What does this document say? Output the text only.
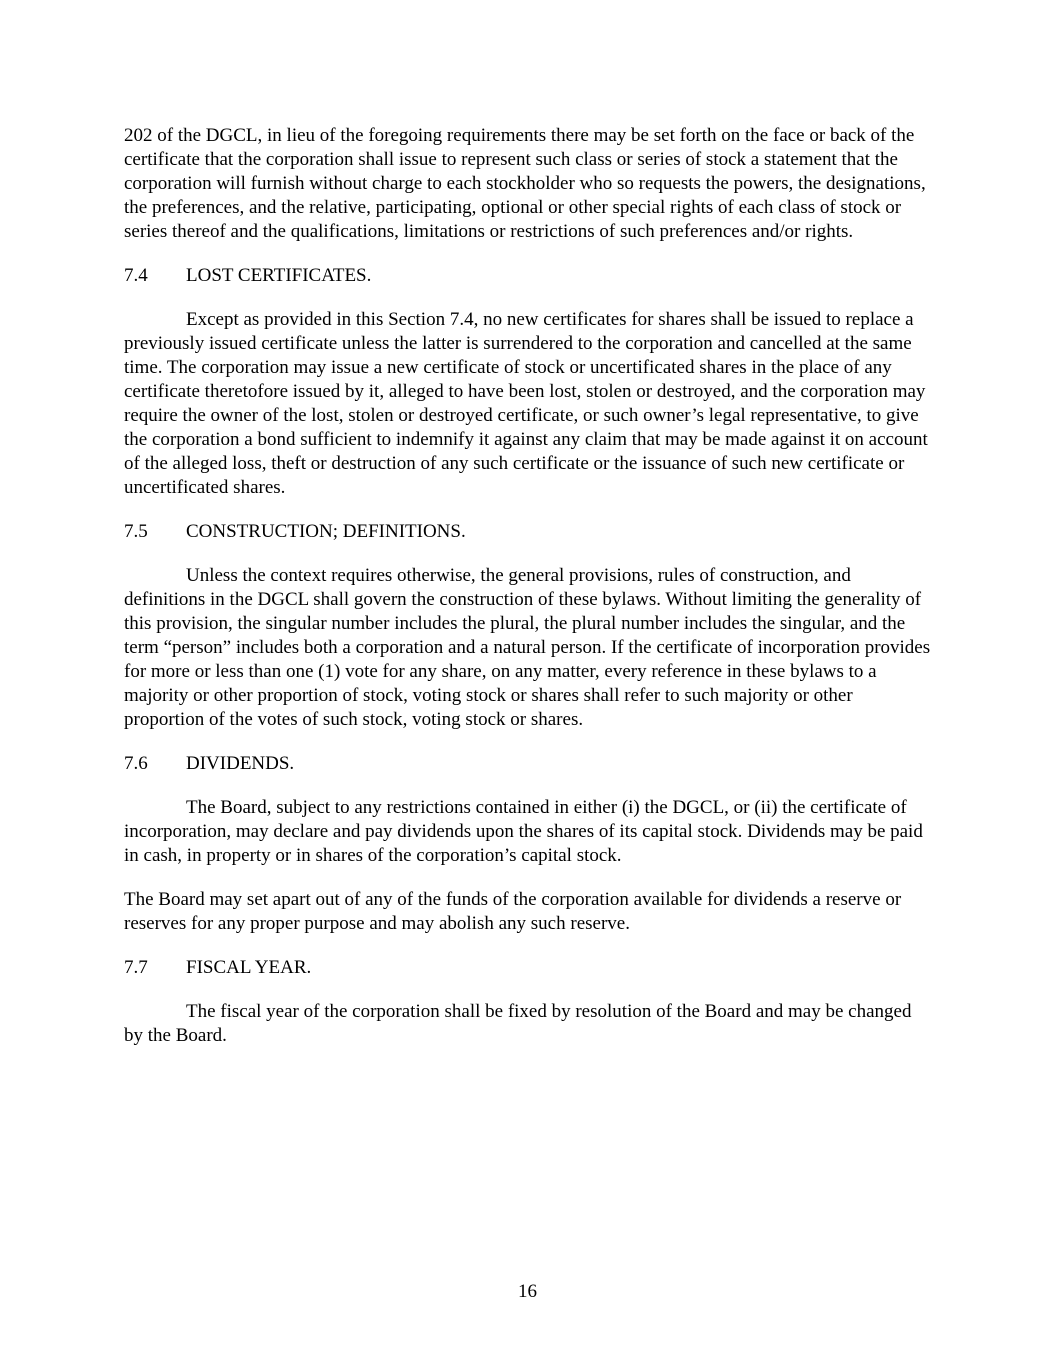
202 of the DGCL, in lieu of the foregoing requirements there may be set forth on the face or back of the certificate that the corporation shall issue to represent such class or series of stock a statement that the corporation will furnish without charge to each stockholder who so requests the powers, the designations, the preferences, and the relative, participating, optional or other special rights of each class of stock or series thereof and the qualifications, limitations or restrictions of such preferences and/or rights.

7.4	LOST CERTIFICATES.

Except as provided in this Section 7.4, no new certificates for shares shall be issued to replace a previously issued certificate unless the latter is surrendered to the corporation and cancelled at the same time. The corporation may issue a new certificate of stock or uncertificated shares in the place of any certificate theretofore issued by it, alleged to have been lost, stolen or destroyed, and the corporation may require the owner of the lost, stolen or destroyed certificate, or such owner’s legal representative, to give the corporation a bond sufficient to indemnify it against any claim that may be made against it on account of the alleged loss, theft or destruction of any such certificate or the issuance of such new certificate or uncertificated shares.

7.5	CONSTRUCTION; DEFINITIONS.

Unless the context requires otherwise, the general provisions, rules of construction, and definitions in the DGCL shall govern the construction of these bylaws. Without limiting the generality of this provision, the singular number includes the plural, the plural number includes the singular, and the term “person” includes both a corporation and a natural person. If the certificate of incorporation provides for more or less than one (1) vote for any share, on any matter, every reference in these bylaws to a majority or other proportion of stock, voting stock or shares shall refer to such majority or other proportion of the votes of such stock, voting stock or shares.

7.6	DIVIDENDS.

The Board, subject to any restrictions contained in either (i) the DGCL, or (ii) the certificate of incorporation, may declare and pay dividends upon the shares of its capital stock. Dividends may be paid in cash, in property or in shares of the corporation’s capital stock.

The Board may set apart out of any of the funds of the corporation available for dividends a reserve or reserves for any proper purpose and may abolish any such reserve.

7.7	FISCAL YEAR.

The fiscal year of the corporation shall be fixed by resolution of the Board and may be changed by the Board.

16
